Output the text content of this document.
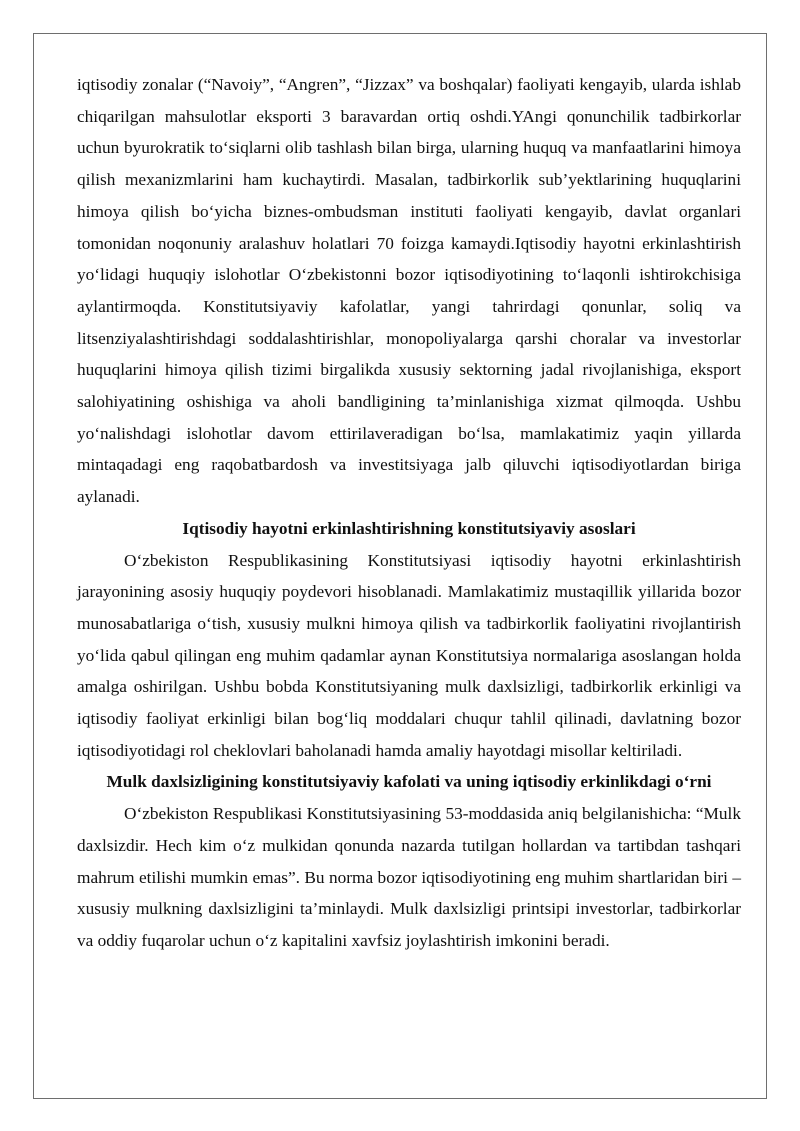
iqtisodiy zonalar (“Navoiy”, “Angren”, “Jizzax” va boshqalar) faoliyati kengayib, ularda ishlab chiqarilgan mahsulotlar eksporti 3 baravardan ortiq oshdi.YAngi qonunchilik tadbirkorlar uchun byurokratik to‘siqlarni olib tashlash bilan birga, ularning huquq va manfaatlarini himoya qilish mexanizmlarini ham kuchaytirdi. Masalan, tadbirkorlik sub’yektlarining huquqlarini himoya qilish bo‘yicha biznes-ombudsman instituti faoliyati kengayib, davlat organlari tomonidan noqonuniy aralashuv holatlari 70 foizga kamaydi.Iqtisodiy hayotni erkinlashtirish yo‘lidagi huquqiy islohotlar O‘zbekistonni bozor iqtisodiyotining to‘laqonli ishtirokchisiga aylantirmoqda. Konstitutsiyaviy kafolatlar, yangi tahrirdagi qonunlar, soliq va litsenziyalashtirishdagi soddalashtirishlar, monopoliyalarga qarshi choralar va investorlar huquqlarini himoya qilish tizimi birgalikda xususiy sektorning jadal rivojlanishiga, eksport salohiyatining oshishiga va aholi bandligining ta’minlanishiga xizmat qilmoqda. Ushbu yo‘nalishdagi islohotlar davom ettirilaveradigan bo‘lsa, mamlakatimiz yaqin yillarda mintaqadagi eng raqobatbardosh va investitsiyaga jalb qiluvchi iqtisodiyotlardan biriga aylanadi.

Iqtisodiy hayotni erkinlashtirishning konstitutsiyaviy asoslari

O‘zbekiston Respublikasining Konstitutsiyasi iqtisodiy hayotni erkinlashtirish jarayonining asosiy huquqiy poydevori hisoblanadi. Mamlakatimiz mustaqillik yillarida bozor munosabatlariga o‘tish, xususiy mulkni himoya qilish va tadbirkorlik faoliyatini rivojlantirish yo‘lida qabul qilingan eng muhim qadamlar aynan Konstitutsiya normalariga asoslangan holda amalga oshirilgan. Ushbu bobda Konstitutsiyaning mulk daxlsizligi, tadbirkorlik erkinligi va iqtisodiy faoliyat erkinligi bilan bog‘liq moddalari chuqur tahlil qilinadi, davlatning bozor iqtisodiyotidagi rol cheklovlari baholanadi hamda amaliy hayotdagi misollar keltiriladi.

Mulk daxlsizligining konstitutsiyaviy kafolati va uning iqtisodiy erkinlikdagi o‘rni

O‘zbekiston Respublikasi Konstitutsiyasining 53-moddasida aniq belgilanishicha: “Mulk daxlsizdir. Hech kim o‘z mulkidan qonunda nazarda tutilgan hollardan va tartibdan tashqari mahrum etilishi mumkin emas”. Bu norma bozor iqtisodiyotining eng muhim shartlaridan biri – xususiy mulkning daxlsizligini ta’minlaydi. Mulk daxlsizligi printsipi investorlar, tadbirkorlar va oddiy fuqarolar uchun o‘z kapitalini xavfsiz joylashtirish imkonini beradi.
